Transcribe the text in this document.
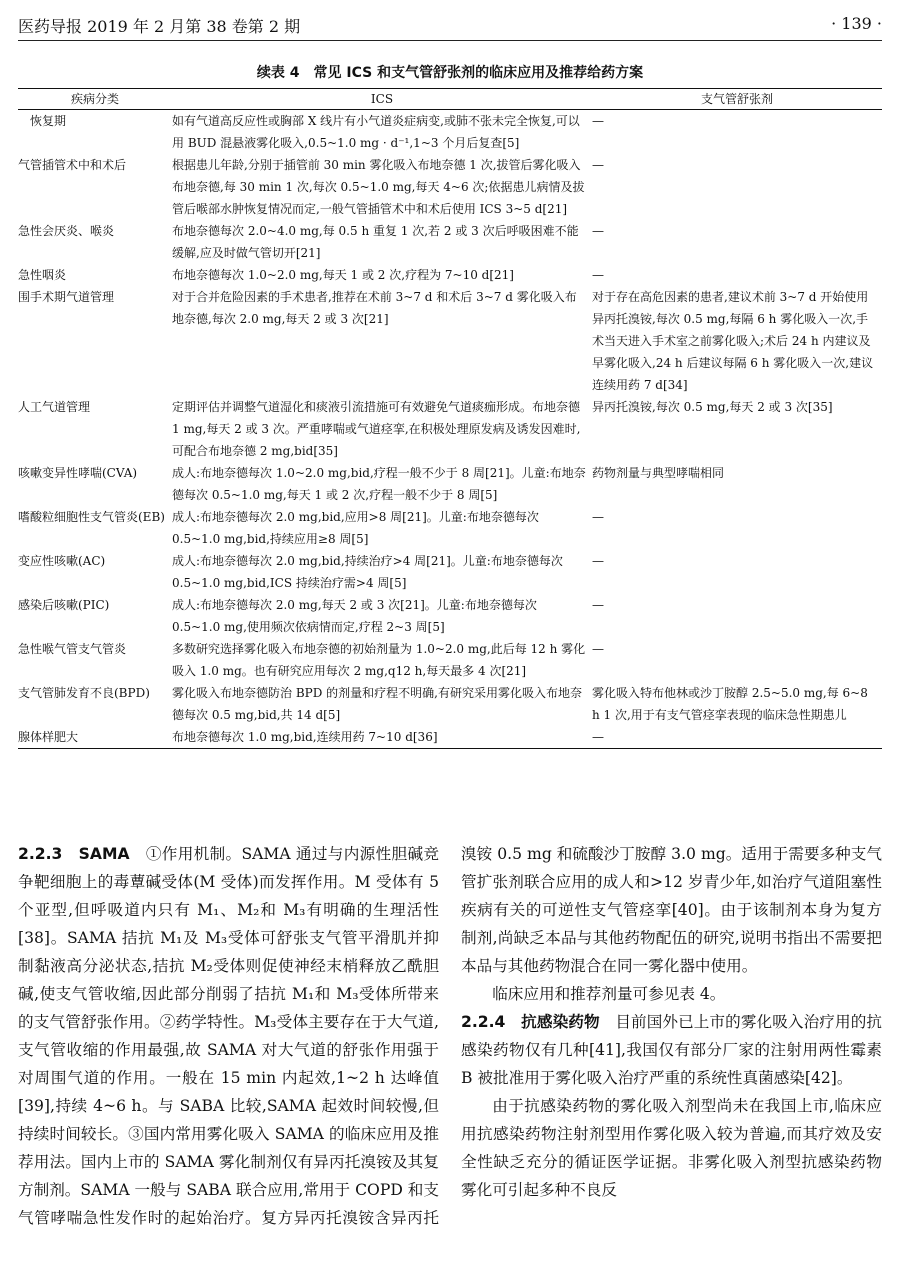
医药导报 2019 年 2 月第 38 卷第 2 期	· 139 ·
续表 4　常见 ICS 和支气管舒张剂的临床应用及推荐给药方案
疾病分类	ICS	支气管舒张剂
　恢复期	如有气道高反应性或胸部 X 线片有小气道炎症病变,或肺不张未完全恢复,可以用 BUD 混悬液雾化吸入,0.5~1.0 mg · d⁻¹,1~3 个月后复查[5]	—
气管插管术中和术后	根据患儿年龄,分别于插管前 30 min 雾化吸入布地奈德 1 次,拔管后雾化吸入布地奈德,每 30 min 1 次,每次 0.5~1.0 mg,每天 4~6 次;依据患儿病情及拔管后喉部水肿恢复情况而定,一般气管插管术中和术后使用 ICS 3~5 d[21]	—
急性会厌炎、喉炎	布地奈德每次 2.0~4.0 mg,每 0.5 h 重复 1 次,若 2 或 3 次后呼吸困难不能缓解,应及时做气管切开[21]	—
急性咽炎	布地奈德每次 1.0~2.0 mg,每天 1 或 2 次,疗程为 7~10 d[21]	—
围手术期气道管理	对于合并危险因素的手术患者,推荐在术前 3~7 d 和术后 3~7 d 雾化吸入布地奈德,每次 2.0 mg,每天 2 或 3 次[21]	对于存在高危因素的患者,建议术前 3~7 d 开始使用异丙托溴铵,每次 0.5 mg,每隔 6 h 雾化吸入一次,手术当天进入手术室之前雾化吸入;术后 24 h 内建议及早雾化吸入,24 h 后建议每隔 6 h 雾化吸入一次,建议连续用药 7 d[34]
人工气道管理	定期评估并调整气道湿化和痰液引流措施可有效避免气道痰痂形成。布地奈德 1 mg,每天 2 或 3 次。严重哮喘或气道痉挛,在积极处理原发病及诱发因难时,可配合布地奈德 2 mg,bid[35]	异丙托溴铵,每次 0.5 mg,每天 2 或 3 次[35]
咳嗽变异性哮喘(CVA)	成人:布地奈德每次 1.0~2.0 mg,bid,疗程一般不少于 8 周[21]。儿童:布地奈德每次 0.5~1.0 mg,每天 1 或 2 次,疗程一般不少于 8 周[5]	药物剂量与典型哮喘相同
嗜酸粒细胞性支气管炎(EB)	成人:布地奈德每次 2.0 mg,bid,应用>8 周[21]。儿童:布地奈德每次 0.5~1.0 mg,bid,持续应用≥8 周[5]	—
变应性咳嗽(AC)	成人:布地奈德每次 2.0 mg,bid,持续治疗>4 周[21]。儿童:布地奈德每次 0.5~1.0 mg,bid,ICS 持续治疗需>4 周[5]	—
感染后咳嗽(PIC)	成人:布地奈德每次 2.0 mg,每天 2 或 3 次[21]。儿童:布地奈德每次 0.5~1.0 mg,使用频次依病情而定,疗程 2~3 周[5]	—
急性喉气管支气管炎	多数研究选择雾化吸入布地奈德的初始剂量为 1.0~2.0 mg,此后每 12 h 雾化吸入 1.0 mg。也有研究应用每次 2 mg,q12 h,每天最多 4 次[21]	—
支气管肺发育不良(BPD)	雾化吸入布地奈德防治 BPD 的剂量和疗程不明确,有研究采用雾化吸入布地奈德每次 0.5 mg,bid,共 14 d[5]	雾化吸入特布他林或沙丁胺醇 2.5~5.0 mg,每 6~8 h 1 次,用于有支气管痉挛表现的临床急性期患儿
腺体样肥大	布地奈德每次 1.0 mg,bid,连续用药 7~10 d[36]	—

2.2.3　SAMA　①作用机制。SAMA 通过与内源性胆碱竞争靶细胞上的毒蕈碱受体(M 受体)而发挥作用。M 受体有 5 个亚型,但呼吸道内只有 M₁、M₂和 M₃有明确的生理活性[38]。SAMA 拮抗 M₁及 M₃受体可舒张支气管平滑肌并抑制黏液高分泌状态,拮抗 M₂受体则促使神经末梢释放乙酰胆碱,使支气管收缩,因此部分削弱了拮抗 M₁和 M₃受体所带来的支气管舒张作用。②药学特性。M₃受体主要存在于大气道,支气管收缩的作用最强,故 SAMA 对大气道的舒张作用强于对周围气道的作用。一般在 15 min 内起效,1~2 h 达峰值[39],持续 4~6 h。与 SABA 比较,SAMA 起效时间较慢,但持续时间较长。③国内常用雾化吸入 SAMA 的临床应用及推荐用法。国内上市的 SAMA 雾化制剂仅有异丙托溴铵及其复方制剂。SAMA 一般与 SABA 联合应用,常用于 COPD 和支气管哮喘急性发作时的起始治疗。复方异丙托溴铵含异丙托溴铵 0.5 mg 和硫酸沙丁胺醇 3.0 mg。适用于需要多种支气管扩张剂联合应用的成人和>12 岁青少年,如治疗气道阻塞性疾病有关的可逆性支气管痉挛[40]。由于该制剂本身为复方制剂,尚缺乏本品与其他药物配伍的研究,说明书指出不需要把本品与其他药物混合在同一雾化器中使用。

临床应用和推荐剂量可参见表 4。

2.2.4　抗感染药物　目前国外已上市的雾化吸入治疗用的抗感染药物仅有几种[41],我国仅有部分厂家的注射用两性霉素 B 被批准用于雾化吸入治疗严重的系统性真菌感染[42]。

由于抗感染药物的雾化吸入剂型尚未在我国上市,临床应用抗感染药物注射剂型用作雾化吸入较为普遍,而其疗效及安全性缺乏充分的循证医学证据。非雾化吸入剂型抗感染药物雾化可引起多种不良反
